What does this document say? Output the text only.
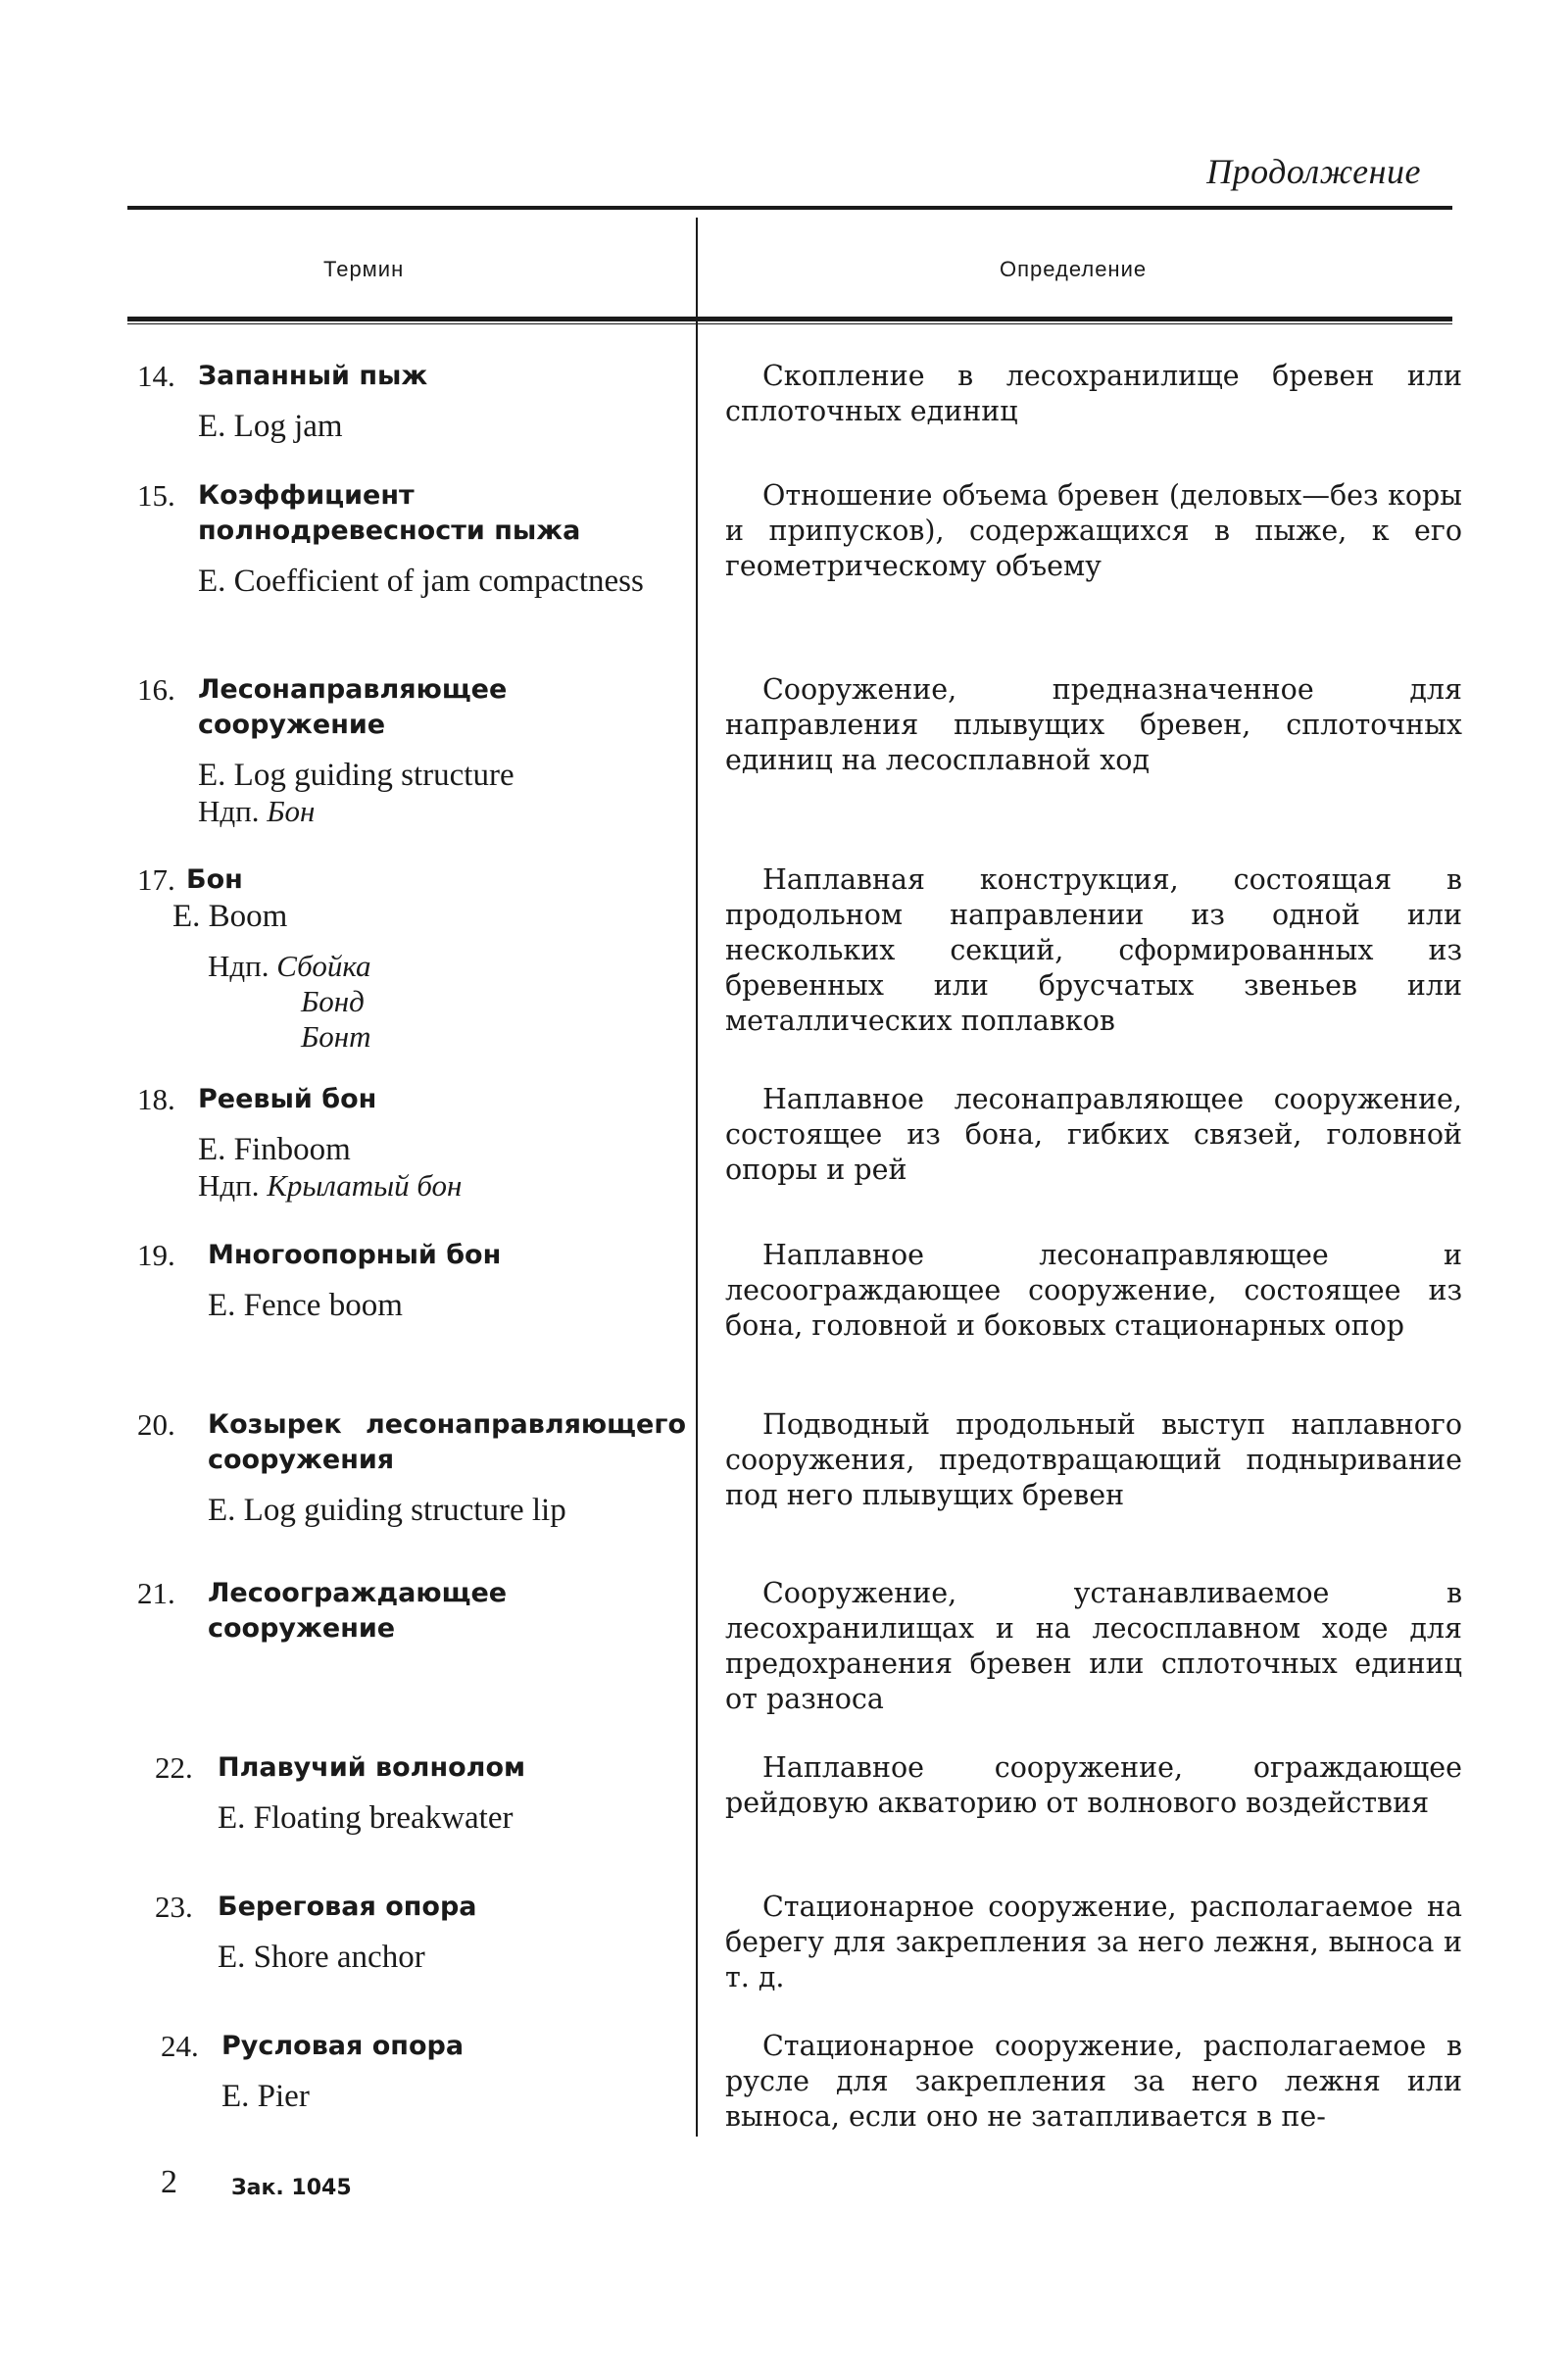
Продолжение
Термин	Определение
14. Запанный пыж
E. Log jam
Скопление в лесохранилище бревен или сплоточных единиц
15. Коэффициент полнодревесности пыжа
E. Coefficient of jam compactness
Отношение объема бревен (деловых—без коры и припусков), содержащихся в пыже, к его геометрическому объему
16. Лесонаправляющее сооружение
E. Log guiding structure
Ндп. Бон
Сооружение, предназначенное для направления плывущих бревен, сплоточных единиц на лесосплавной ход
17. Бон
E. Boom
Ндп. Сбойка
Бонд
Бонт
Наплавная конструкция, состоящая в продольном направлении из одной или нескольких секций, сформированных из бревенных или брусчатых звеньев или металлических поплавков
18. Реевый бон
E. Finboom
Ндп. Крылатый бон
Наплавное лесонаправляющее сооружение, состоящее из бона, гибких связей, головной опоры и рей
19. Многоопорный бон
E. Fence boom
Наплавное лесонаправляющее и лесоограждающее сооружение, состоящее из бона, головной и боковых стационарных опор
20. Козырек лесонаправляющего сооружения
E. Log guiding structure lip
Подводный продольный выступ наплавного сооружения, предотвращающий подныривание под него плывущих бревен
21. Лесоограждающее сооружение
Сооружение, устанавливаемое в лесохранилищах и на лесосплавном ходе для предохранения бревен или сплоточных единиц от разноса
22. Плавучий волнолом
E. Floating breakwater
Наплавное сооружение, ограждающее рейдовую акваторию от волнового воздействия
23. Береговая опора
E. Shore anchor
Стационарное сооружение, располагаемое на берегу для закрепления за него лежня, выноса и т. д.
24. Русловая опора
E. Pier
Стационарное сооружение, располагаемое в русле для закрепления за него лежня или выноса, если оно не затапливается в пе-
2	Зак. 1045
